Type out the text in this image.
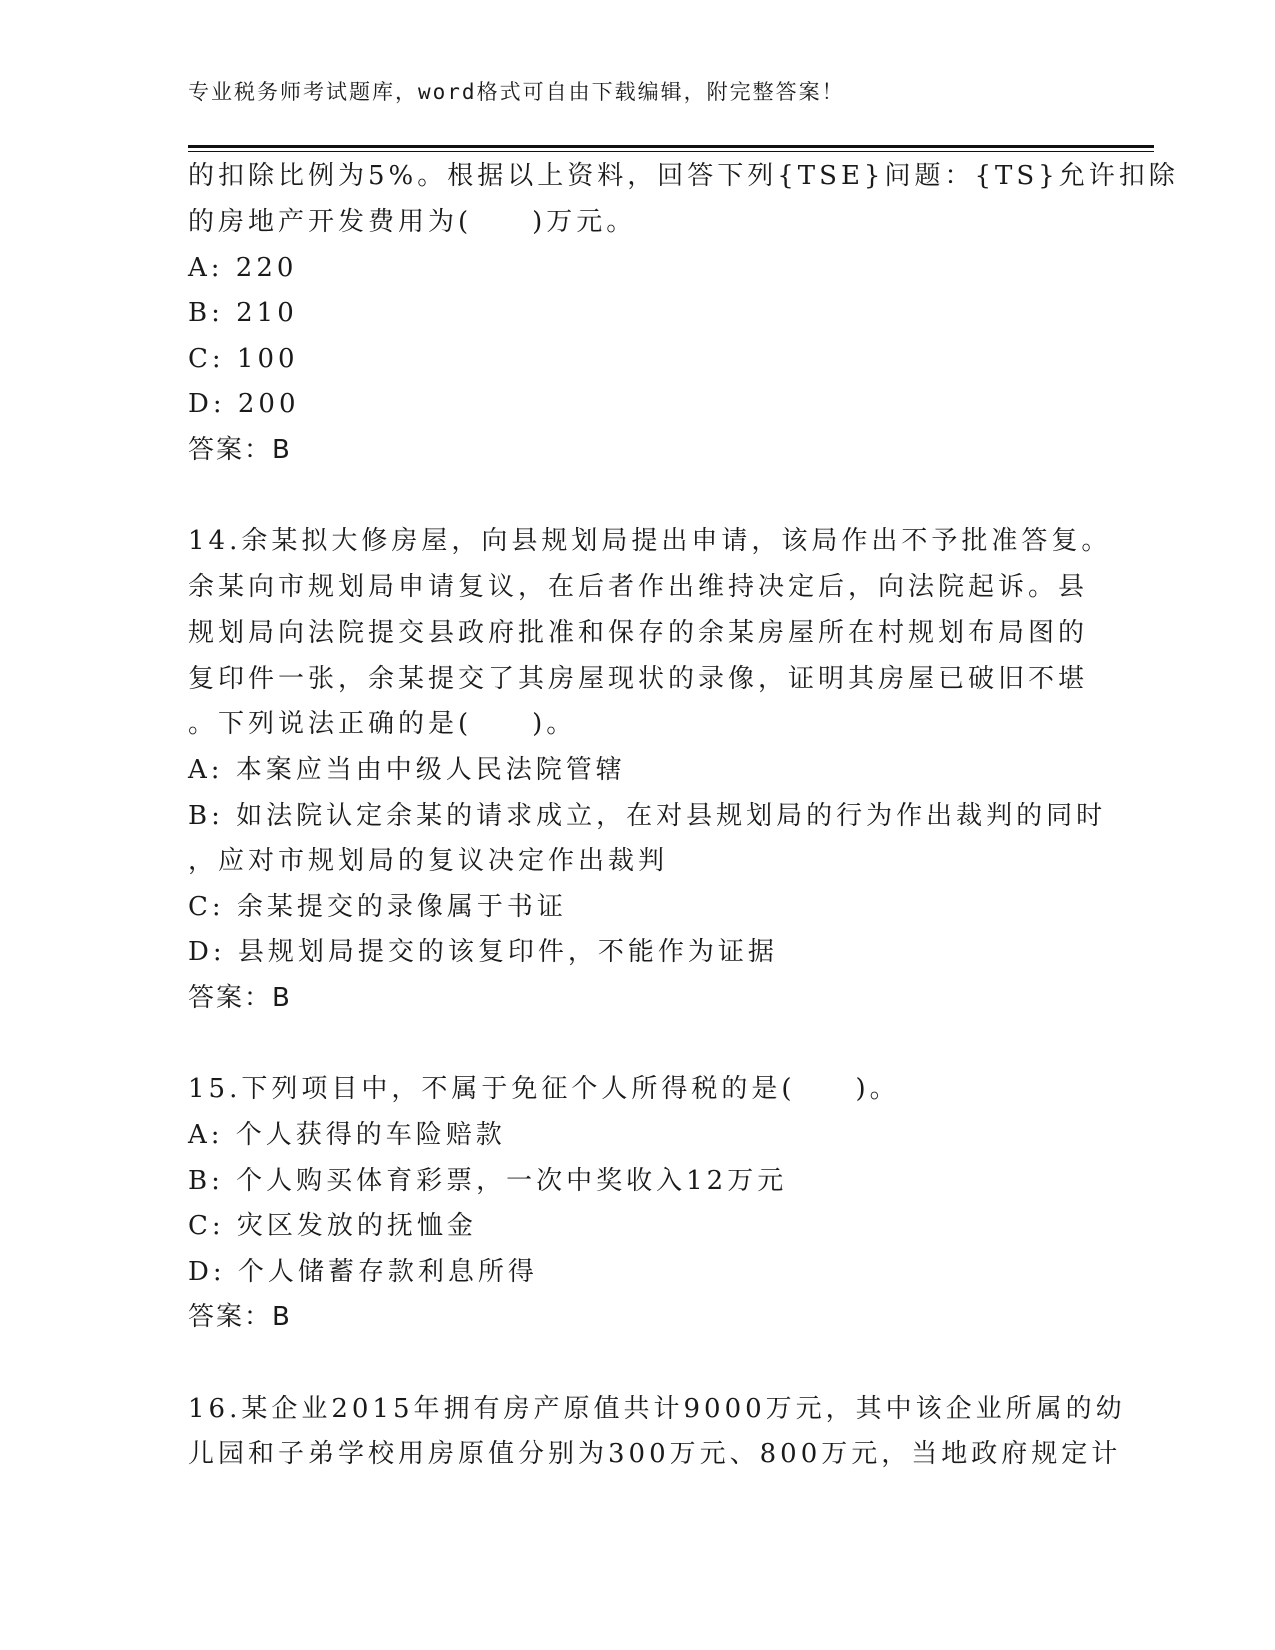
专业税务师考试题库，word格式可自由下载编辑，附完整答案！
的扣除比例为5%。根据以上资料，回答下列{TSE}问题：{TS}允许扣除
的房地产开发费用为(　　)万元。
A: 220
B: 210
C: 100
D: 200
答案：B
14.余某拟大修房屋，向县规划局提出申请，该局作出不予批准答复。
余某向市规划局申请复议，在后者作出维持决定后，向法院起诉。县
规划局向法院提交县政府批准和保存的余某房屋所在村规划布局图的
复印件一张，余某提交了其房屋现状的录像，证明其房屋已破旧不堪
。下列说法正确的是(　　)。
A: 本案应当由中级人民法院管辖
B: 如法院认定余某的请求成立，在对县规划局的行为作出裁判的同时
，应对市规划局的复议决定作出裁判
C: 余某提交的录像属于书证
D: 县规划局提交的该复印件，不能作为证据
答案：B
15.下列项目中，不属于免征个人所得税的是(　　)。
A: 个人获得的车险赔款
B: 个人购买体育彩票，一次中奖收入12万元
C: 灾区发放的抚恤金
D: 个人储蓄存款利息所得
答案：B
16.某企业2015年拥有房产原值共计9000万元，其中该企业所属的幼
儿园和子弟学校用房原值分别为300万元、800万元，当地政府规定计
